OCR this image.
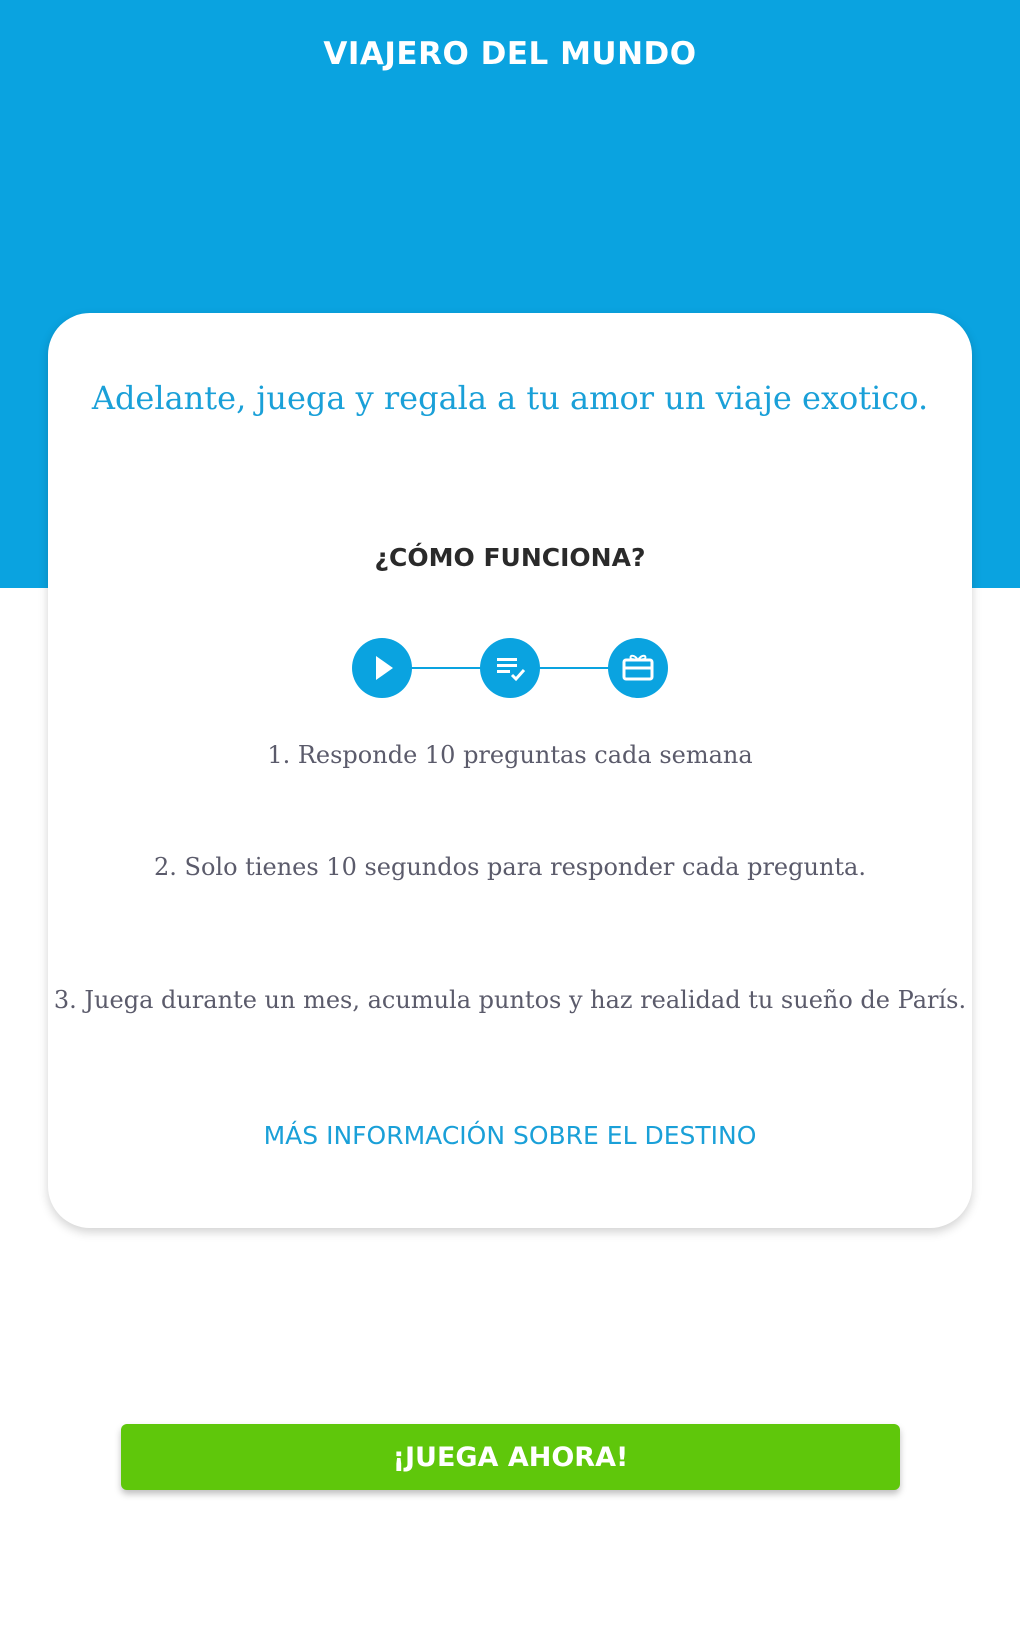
VIAJERO DEL MUNDO
Adelante, juega y regala a tu amor un viaje exotico.
¿CÓMO FUNCIONA?
1. Responde 10 preguntas cada semana
2. Solo tienes 10 segundos para responder cada pregunta.
3. Juega durante un mes, acumula puntos y haz realidad tu sueño de París.
MÁS INFORMACIÓN SOBRE EL DESTINO
¡JUEGA AHORA!
